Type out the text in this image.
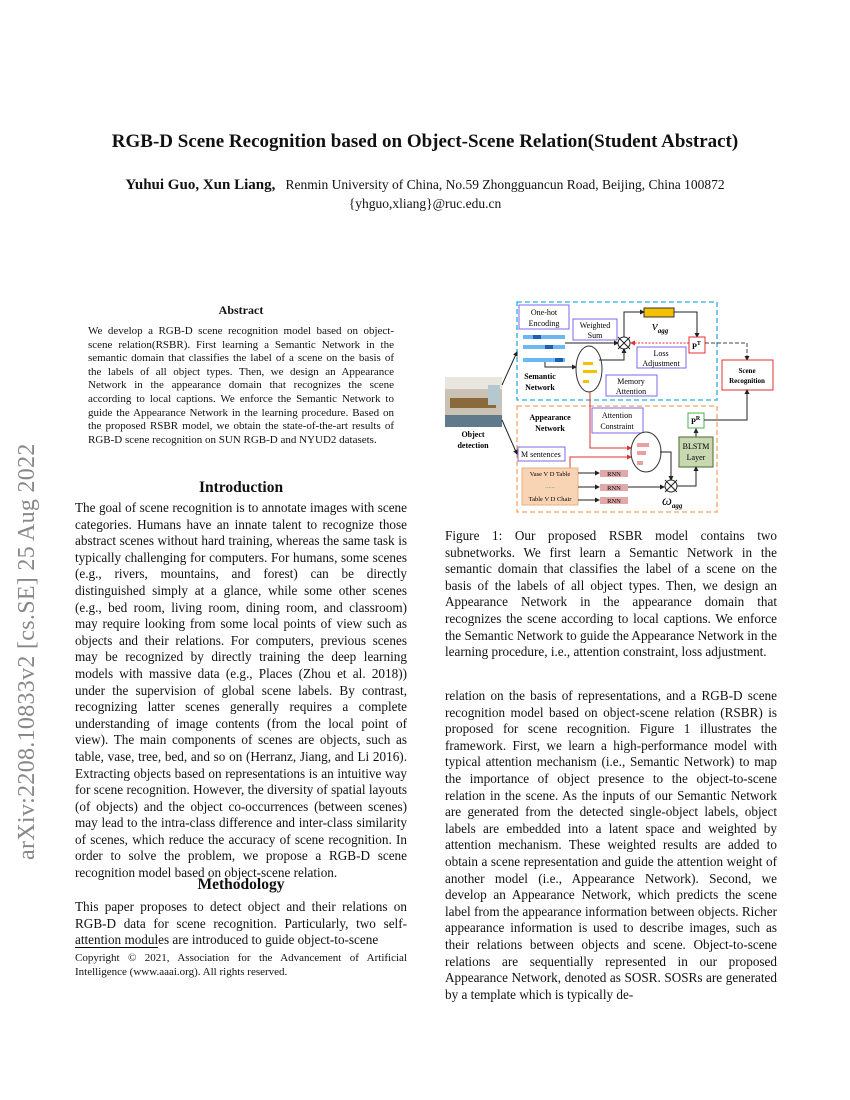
arXiv:2208.10833v2 [cs.SE] 25 Aug 2022
RGB-D Scene Recognition based on Object-Scene Relation(Student Abstract)
Yuhui Guo, Xun Liang, Renmin University of China, No.59 Zhongguancun Road, Beijing, China 100872
{yhguo,xliang}@ruc.edu.cn
Abstract

We develop a RGB-D scene recognition model based on object-scene relation(RSBR). First learning a Semantic Network in the semantic domain that classifies the label of a scene on the basis of the labels of all object types. Then, we design an Appearance Network in the appearance domain that recognizes the scene according to local captions. We enforce the Semantic Network to guide the Appearance Network in the learning procedure. Based on the proposed RSBR model, we obtain the state-of-the-art results of RGB-D scene recognition on SUN RGB-D and NYUD2 datasets.

Introduction

The goal of scene recognition is to annotate images with scene categories. Humans have an innate talent to recognize those abstract scenes without hard training, whereas the same task is typically challenging for computers. For humans, some scenes (e.g., rivers, mountains, and forest) can be directly distinguished simply at a glance, while some other scenes (e.g., bed room, living room, dining room, and classroom) may require looking from some local points of view such as objects and their relations. For computers, previous scenes may be recognized by directly training the deep learning models with massive data (e.g., Places (Zhou et al. 2018)) under the supervision of global scene labels. By contrast, recognizing latter scenes generally requires a complete understanding of image contents (from the local point of view). The main components of scenes are objects, such as table, vase, tree, bed, and so on (Herranz, Jiang, and Li 2016). Extracting objects based on representations is an intuitive way for scene recognition. However, the diversity of spatial layouts (of objects) and the object co-occurrences (between scenes) may lead to the intra-class difference and inter-class similarity of scenes, which reduce the accuracy of scene recognition. In order to solve the problem, we propose a RGB-D scene recognition model based on object-scene relation.

Methodology

This paper proposes to detect object and their relations on RGB-D data for scene recognition. Particularly, two self-attention modules are introduced to guide object-to-scene

Copyright © 2021, Association for the Advancement of Artificial Intelligence (www.aaai.org). All rights reserved.

Object
detection
One-hot
Encoding	Weighted
Sum
$v_{agg}$
$P^T$
Loss
Adjustment
Scene
Recognition
Semantic
Network
Memory
Attention
Appearance
Network
Attention
Constraint
$P^R$
BLSTM
Layer
M sentences
Vase V D Table
......
Table V D Chair
RNN
RNN
RNN	$\omega_{agg}$

Figure 1: Our proposed RSBR model contains two subnetworks. We first learn a Semantic Network in the semantic domain that classifies the label of a scene on the basis of the labels of all object types. Then, we design an Appearance Network in the appearance domain that recognizes the scene according to local captions. We enforce the Semantic Network to guide the Appearance Network in the learning procedure, i.e., attention constraint, loss adjustment.

relation on the basis of representations, and a RGB-D scene recognition model based on object-scene relation (RSBR) is proposed for scene recognition. Figure 1 illustrates the framework. First, we learn a high-performance model with typical attention mechanism (i.e., Semantic Network) to map the importance of object presence to the object-to-scene relation in the scene. As the inputs of our Semantic Network are generated from the detected single-object labels, object labels are embedded into a latent space and weighted by attention mechanism. These weighted results are added to obtain a scene representation and guide the attention weight of another model (i.e., Appearance Network). Second, we develop an Appearance Network, which predicts the scene label from the appearance information between objects. Richer appearance information is used to describe images, such as their relations between objects and scene. Object-to-scene relations are sequentially represented in our proposed Appearance Network, denoted as SOSR. SOSRs are generated by a template which is typically de-
